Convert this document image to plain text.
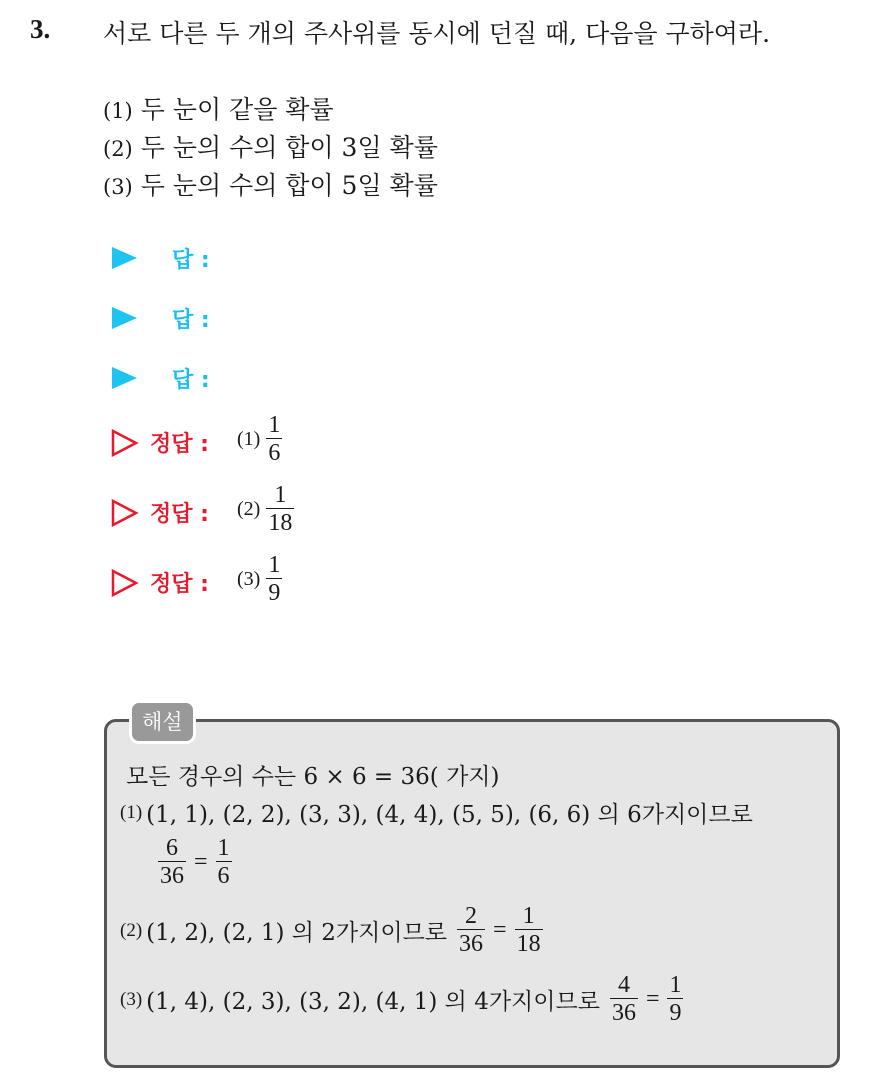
3. 서로 다른 두 개의 주사위를 동시에 던질 때, 다음을 구하여라.
(1) 두 눈이 같을 확률
(2) 두 눈의 수의 합이 3일 확률
(3) 두 눈의 수의 합이 5일 확률
답 :
답 :
답 :
정답 : $(1) \frac{1}{6}$
정답 : $(2) \frac{1}{18}$
정답 : $(3) \frac{1}{9}$
해설
모든 경우의 수는 6 × 6 = 36( 가지)
(1) (1, 1), (2, 2), (3, 3), (4, 4), (5, 5), (6, 6) 의 6가지이므로
$\frac{6}{36} = \frac{1}{6}$
(2) (1, 2), (2, 1) 의 2가지이므로 $\frac{2}{36} = \frac{1}{18}$
(3) (1, 4), (2, 3), (3, 2), (4, 1) 의 4가지이므로 $\frac{4}{36} = \frac{1}{9}$
